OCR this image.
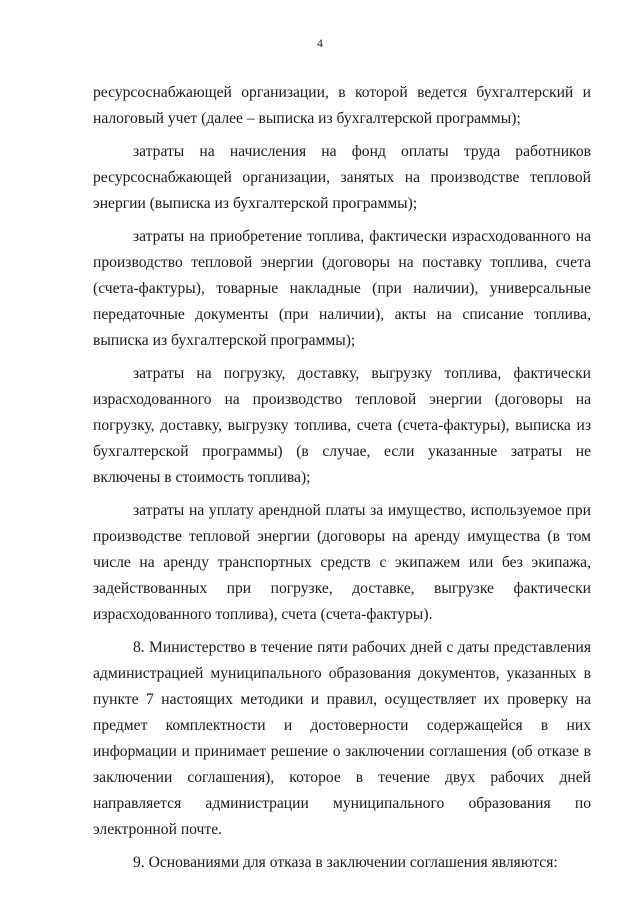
4

ресурсоснабжающей организации, в которой ведется бухгалтерский и налоговый учет (далее – выписка из бухгалтерской программы);

затраты на начисления на фонд оплаты труда работников ресурсоснабжающей организации, занятых на производстве тепловой энергии (выписка из бухгалтерской программы);

затраты на приобретение топлива, фактически израсходованного на производство тепловой энергии (договоры на поставку топлива, счета (счета-фактуры), товарные накладные (при наличии), универсальные передаточные документы (при наличии), акты на списание топлива, выписка из бухгалтерской программы);

затраты на погрузку, доставку, выгрузку топлива, фактически израсходованного на производство тепловой энергии (договоры на погрузку, доставку, выгрузку топлива, счета (счета-фактуры), выписка из бухгалтерской программы) (в случае, если указанные затраты не включены в стоимость топлива);

затраты на уплату арендной платы за имущество, используемое при производстве тепловой энергии (договоры на аренду имущества (в том числе на аренду транспортных средств с экипажем или без экипажа, задействованных при погрузке, доставке, выгрузке фактически израсходованного топлива), счета (счета-фактуры).

8. Министерство в течение пяти рабочих дней с даты представления администрацией муниципального образования документов, указанных в пункте 7 настоящих методики и правил, осуществляет их проверку на предмет комплектности и достоверности содержащейся в них информации и принимает решение о заключении соглашения (об отказе в заключении соглашения), которое в течение двух рабочих дней направляется администрации муниципального образования по электронной почте.

9. Основаниями для отказа в заключении соглашения являются:
